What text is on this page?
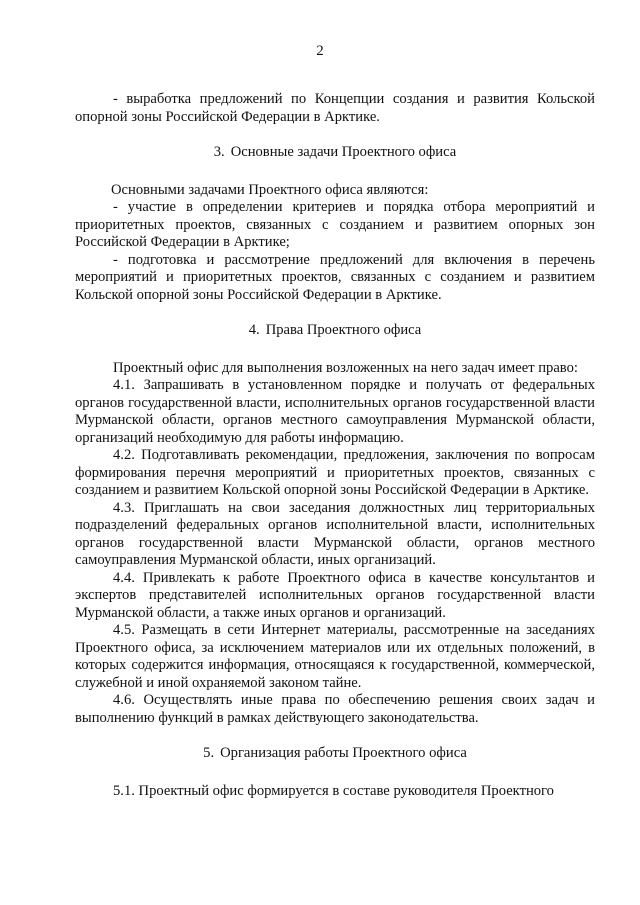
2

- выработка предложений по Концепции создания и развития Кольской опорной зоны Российской Федерации в Арктике.

3. Основные задачи Проектного офиса

Основными задачами Проектного офиса являются:

- участие в определении критериев и порядка отбора мероприятий и приоритетных проектов, связанных с созданием и развитием опорных зон Российской Федерации в Арктике;

- подготовка и рассмотрение предложений для включения в перечень мероприятий и приоритетных проектов, связанных с созданием и развитием Кольской опорной зоны Российской Федерации в Арктике.

4. Права Проектного офиса

Проектный офис для выполнения возложенных на него задач имеет право:

4.1. Запрашивать в установленном порядке и получать от федеральных органов государственной власти, исполнительных органов государственной власти Мурманской области, органов местного самоуправления Мурманской области, организаций необходимую для работы информацию.

4.2. Подготавливать рекомендации, предложения, заключения по вопросам формирования перечня мероприятий и приоритетных проектов, связанных с созданием и развитием Кольской опорной зоны Российской Федерации в Арктике.

4.3. Приглашать на свои заседания должностных лиц территориальных подразделений федеральных органов исполнительной власти, исполнительных органов государственной власти Мурманской области, органов местного самоуправления Мурманской области, иных организаций.

4.4. Привлекать к работе Проектного офиса в качестве консультантов и экспертов представителей исполнительных органов государственной власти Мурманской области, а также иных органов и организаций.

4.5. Размещать в сети Интернет материалы, рассмотренные на заседаниях Проектного офиса, за исключением материалов или их отдельных положений, в которых содержится информация, относящаяся к государственной, коммерческой, служебной и иной охраняемой законом тайне.

4.6. Осуществлять иные права по обеспечению решения своих задач и выполнению функций в рамках действующего законодательства.

5. Организация работы Проектного офиса

5.1. Проектный офис формируется в составе руководителя Проектного
